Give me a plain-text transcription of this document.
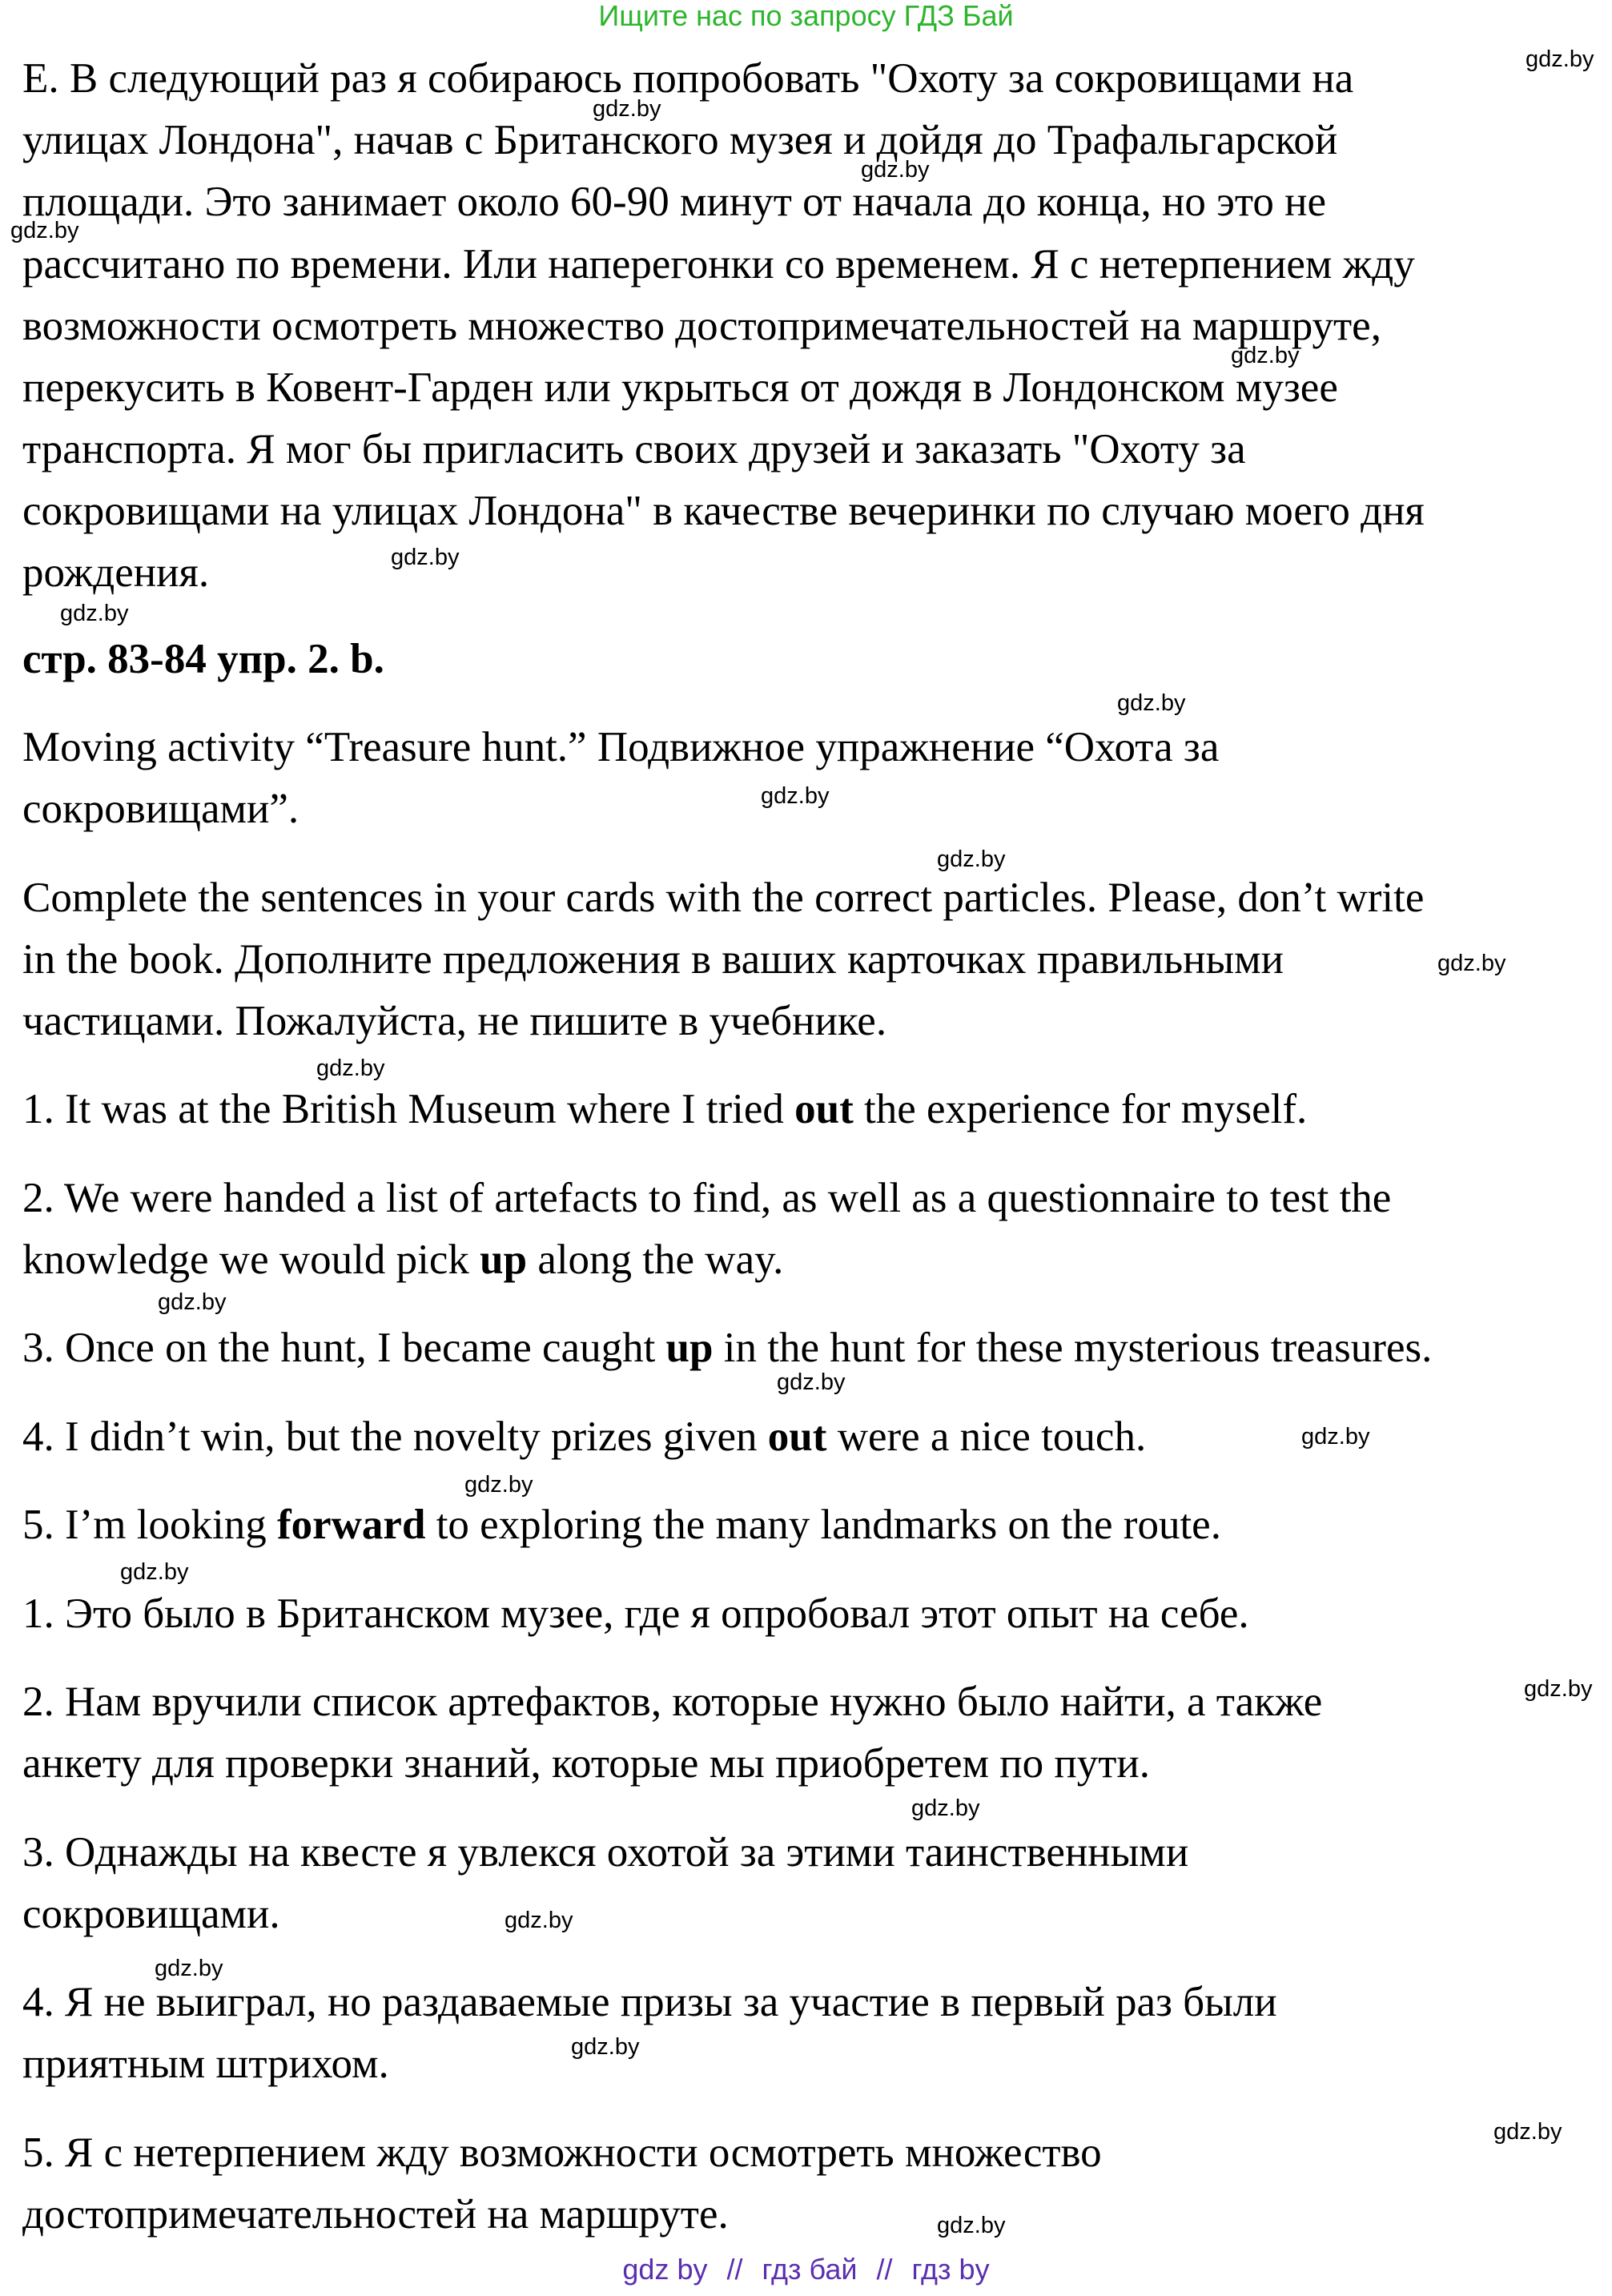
Ищите нас по запросу ГДЗ Бай

Е. В следующий раз я собираюсь попробовать "Охоту за сокровищами на

улицах Лондона", начав с Британского музея и дойдя до Трафальгарской

площади. Это занимает около 60-90 минут от начала до конца, но это не

рассчитано по времени. Или наперегонки со временем. Я с нетерпением жду

возможности осмотреть множество достопримечательностей на маршруте,

перекусить в Ковент-Гарден или укрыться от дождя в Лондонском музее

транспорта. Я мог бы пригласить своих друзей и заказать "Охоту за

сокровищами на улицах Лондона" в качестве вечеринки по случаю моего дня

рождения.

стр. 83-84 упр. 2. b.

Moving activity “Treasure hunt.” Подвижное упражнение “Охота за

сокровищами”.

Complete the sentences in your cards with the correct particles. Please, don’t write

in the book. Дополните предложения в ваших карточках правильными

частицами. Пожалуйста, не пишите в учебнике.

1. It was at the British Museum where I tried out the experience for myself.

2. We were handed a list of artefacts to find, as well as a questionnaire to test the

knowledge we would pick up along the way.

3. Once on the hunt, I became caught up in the hunt for these mysterious treasures.

4. I didn’t win, but the novelty prizes given out were a nice touch.

5. I’m looking forward to exploring the many landmarks on the route.

1. Это было в Британском музее, где я опробовал этот опыт на себе.

2. Нам вручили список артефактов, которые нужно было найти, а также

анкету для проверки знаний, которые мы приобретем по пути.

3. Однажды на квесте я увлекся охотой за этими таинственными

сокровищами.

4. Я не выиграл, но раздаваемые призы за участие в первый раз были

приятным штрихом.

5. Я с нетерпением жду возможности осмотреть множество

достопримечательностей на маршруте.

gdz.by
gdz.by
gdz.by
gdz.by
gdz.by
gdz.by
gdz.by
gdz.by
gdz.by
gdz.by
gdz.by
gdz.by
gdz.by
gdz.by
gdz.by
gdz.by
gdz.by
gdz.by
gdz.by
gdz.by
gdz.by
gdz.by
gdz.by
gdz.by
gdz by // гдз бай // гдз by
